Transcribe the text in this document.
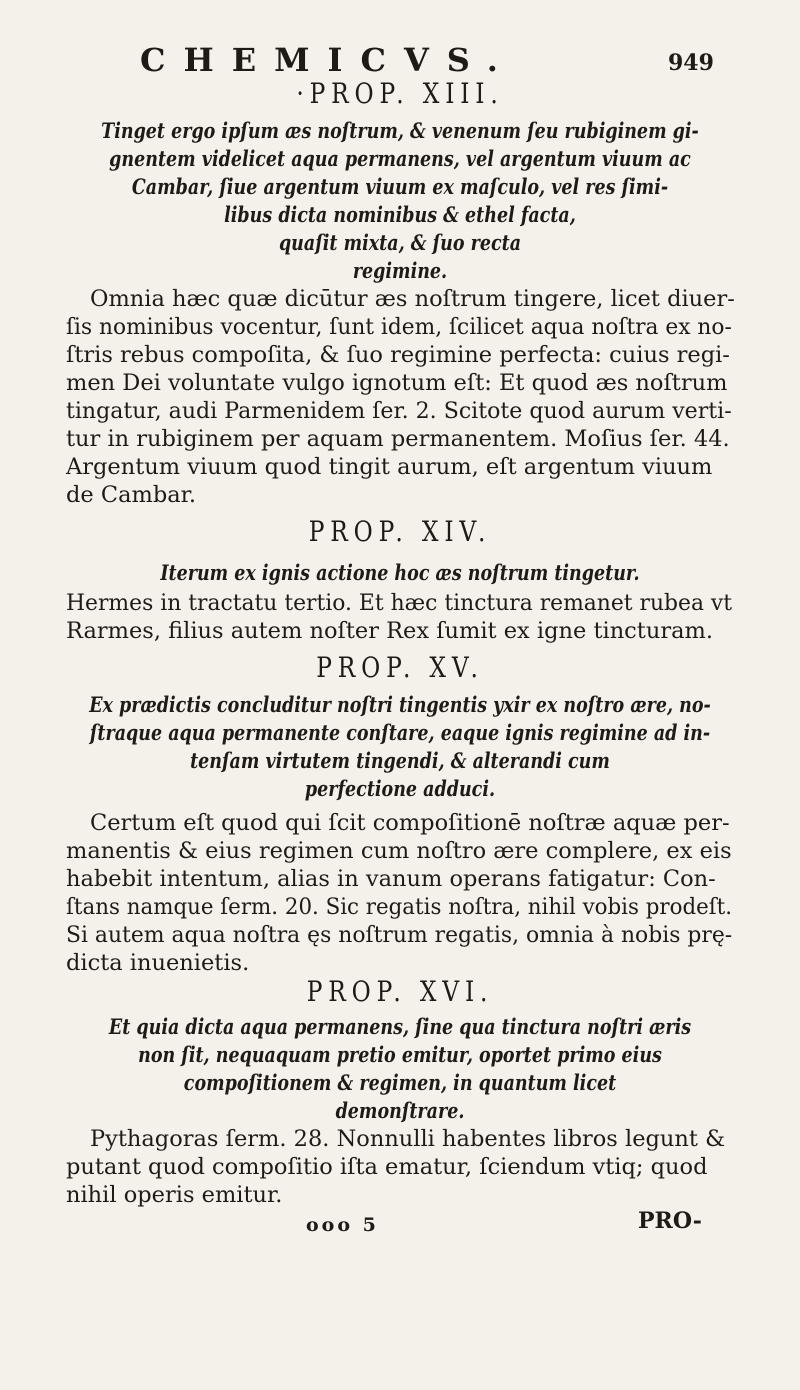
CHEMICVS.	949
·PROP. XIII.
Tinget ergo ipſum æs noſtrum, & venenum ſeu rubiginem gi-
gnentem videlicet aqua permanens, vel argentum viuum ac
Cambar, ſiue argentum viuum ex maſculo, vel res ſimi-
libus dicta nominibus & ethel facta,
quaſit mixta, & ſuo recta
regimine.
Omnia hæc quæ dicūtur æs noſtrum tingere, licet diuer-
ſis nominibus vocentur, ſunt idem, ſcilicet aqua noſtra ex no-
ſtris rebus compoſita, & ſuo regimine perfecta: cuius regi-
men Dei voluntate vulgo ignotum eſt: Et quod æs noſtrum
tingatur, audi Parmenidem ſer. 2. Scitote quod aurum verti-
tur in rubiginem per aquam permanentem. Moſius ſer. 44.
Argentum viuum quod tingit aurum, eſt argentum viuum
de Cambar.
PROP. XIV.
Iterum ex ignis actione hoc æs noſtrum tingetur.
Hermes in tractatu tertio. Et hæc tinctura remanet rubea vt
Rarmes, filius autem noſter Rex ſumit ex igne tincturam.
PROP. XV.
Ex prædictis concluditur noſtri tingentis yxir ex noſtro ære, no-
ſtraque aqua permanente conſtare, eaque ignis regimine ad in-
tenſam virtutem tingendi, & alterandi cum
perfectione adduci.
Certum eſt quod qui ſcit compoſitionē noſtræ aquæ per-
manentis & eius regimen cum noſtro ære complere, ex eis
habebit intentum, alias in vanum operans fatigatur: Con-
ſtans namque ſerm. 20. Sic regatis noſtra, nihil vobis prodeſt.
Si autem aqua noſtra ęs noſtrum regatis, omnia à nobis prę-
dicta inuenietis.
PROP. XVI.
Et quia dicta aqua permanens, ſine qua tinctura noſtri æris
non ſit, nequaquam pretio emitur, oportet primo eius
compoſitionem & regimen, in quantum licet
demonſtrare.
Pythagoras ſerm. 28. Nonnulli habentes libros legunt &
putant quod compoſitio iſta ematur, ſciendum vtiq; quod
nihil operis emitur.
ooo 5	PRO-
